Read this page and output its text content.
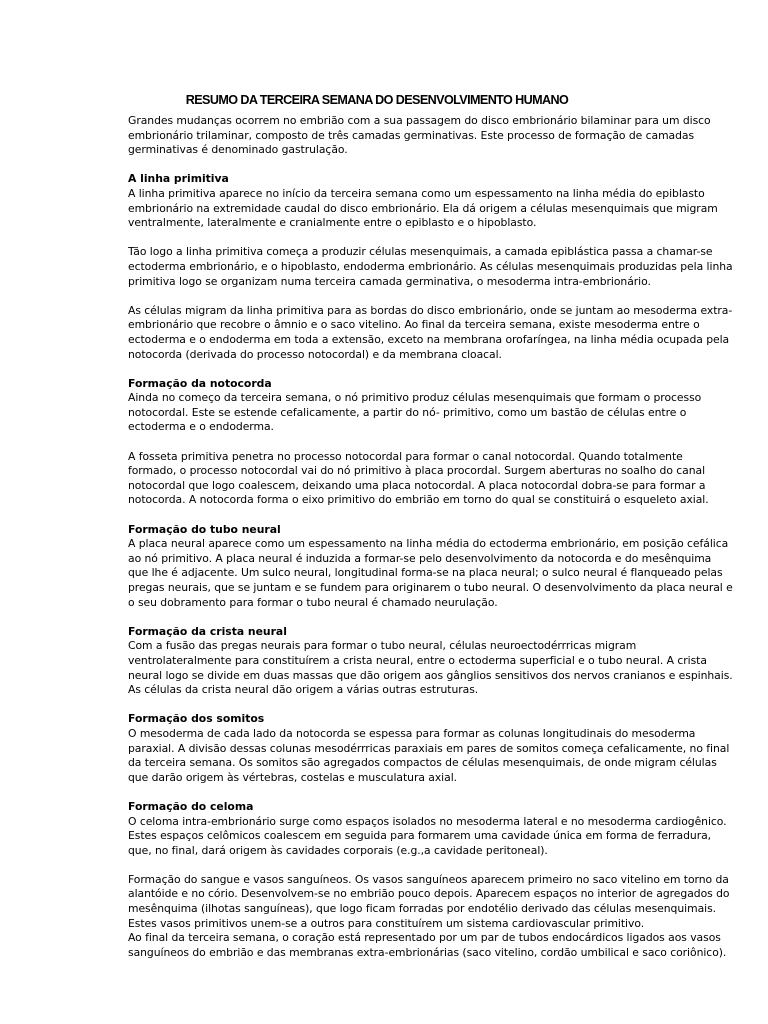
RESUMO DA TERCEIRA SEMANA DO DESENVOLVIMENTO HUMANO

Grandes mudanças ocorrem no embrião com a sua passagem do disco embrionário bilaminar para um disco embrionário trilaminar, composto de três camadas germinativas. Este processo de formação de camadas germinativas é denominado gastrulação.

A linha primitiva

A linha primitiva aparece no início da terceira semana como um espessamento na linha média do epiblasto embrionário na extremidade caudal do disco embrionário. Ela dá origem a células mesenquimais que migram ventralmente, lateralmente e cranialmente entre o epiblasto e o hipoblasto.

Tão logo a linha primitiva começa a produzir células mesenquimais, a camada epiblástica passa a chamar-se ectoderma embrionário, e o hipoblasto, endoderma embrionário. As células mesenquimais produzidas pela linha primitiva logo se organizam numa terceira camada germinativa, o mesoderma intra-embrionário.

As células migram da linha primitiva para as bordas do disco embrionário, onde se juntam ao mesoderma extra-embrionário que recobre o âmnio e o saco vitelino. Ao final da terceira semana, existe mesoderma entre o ectoderma e o endoderma em toda a extensão, exceto na membrana orofaríngea, na linha média ocupada pela notocorda (derivada do processo notocordal) e da membrana cloacal.

Formação da notocorda

Ainda no começo da terceira semana, o nó primitivo produz células mesenquimais que formam o processo notocordal. Este se estende cefalicamente, a partir do nó- primitivo, como um bastão de células entre o ectoderma e o endoderma.

A fosseta primitiva penetra no processo notocordal para formar o canal notocordal. Quando totalmente formado, o processo notocordal vai do nó primitivo à placa procordal. Surgem aberturas no soalho do canal notocordal que logo coalescem, deixando uma placa notocordal. A placa notocordal dobra-se para formar a notocorda. A notocorda forma o eixo primitivo do embrião em torno do qual se constituirá o esqueleto axial.

Formação do tubo neural

A placa neural aparece como um espessamento na linha média do ectoderma embrionário, em posição cefálica ao nó primitivo. A placa neural é induzida a formar-se pelo desenvolvimento da notocorda e do mesênquima que lhe é adjacente. Um sulco neural, longitudinal forma-se na placa neural; o sulco neural é flanqueado pelas pregas neurais, que se juntam e se fundem para originarem o tubo neural. O desenvolvimento da placa neural e o seu dobramento para formar o tubo neural é chamado neurulação.

Formação da crista neural

Com a fusão das pregas neurais para formar o tubo neural, células neuroectodérrricas migram ventrolateralmente para constituírem a crista neural, entre o ectoderma superficial e o tubo neural. A crista neural logo se divide em duas massas que dão origem aos gânglios sensitivos dos nervos cranianos e espinhais. As células da crista neural dão origem a várias outras estruturas.

Formação dos somitos

O mesoderma de cada lado da notocorda se espessa para formar as colunas longitudinais do mesoderma paraxial. A divisão dessas colunas mesodérrricas paraxiais em pares de somitos começa cefalicamente, no final da terceira semana. Os somitos são agregados compactos de células mesenquimais, de onde migram células que darão origem às vértebras, costelas e musculatura axial.

Formação do celoma

O celoma intra-embrionário surge como espaços isolados no mesoderma lateral e no mesoderma cardiogênico. Estes espaços celômicos coalescem em seguida para formarem uma cavidade única em forma de ferradura, que, no final, dará origem às cavidades corporais (e.g.,a cavidade peritoneal).

Formação do sangue e vasos sanguíneos. Os vasos sanguíneos aparecem primeiro no saco vitelino em torno da alantóide e no cório. Desenvolvem-se no embrião pouco depois. Aparecem espaços no interior de agregados do mesênquima (ilhotas sanguíneas), que logo ficam forradas por endotélio derivado das células mesenquimais. Estes vasos primitivos unem-se a outros para constituírem um sistema cardiovascular primitivo.

Ao final da terceira semana, o coração está representado por um par de tubos endocárdicos ligados aos vasos sanguíneos do embrião e das membranas extra-embrionárias (saco vitelino, cordão umbilical e saco coriônico).
